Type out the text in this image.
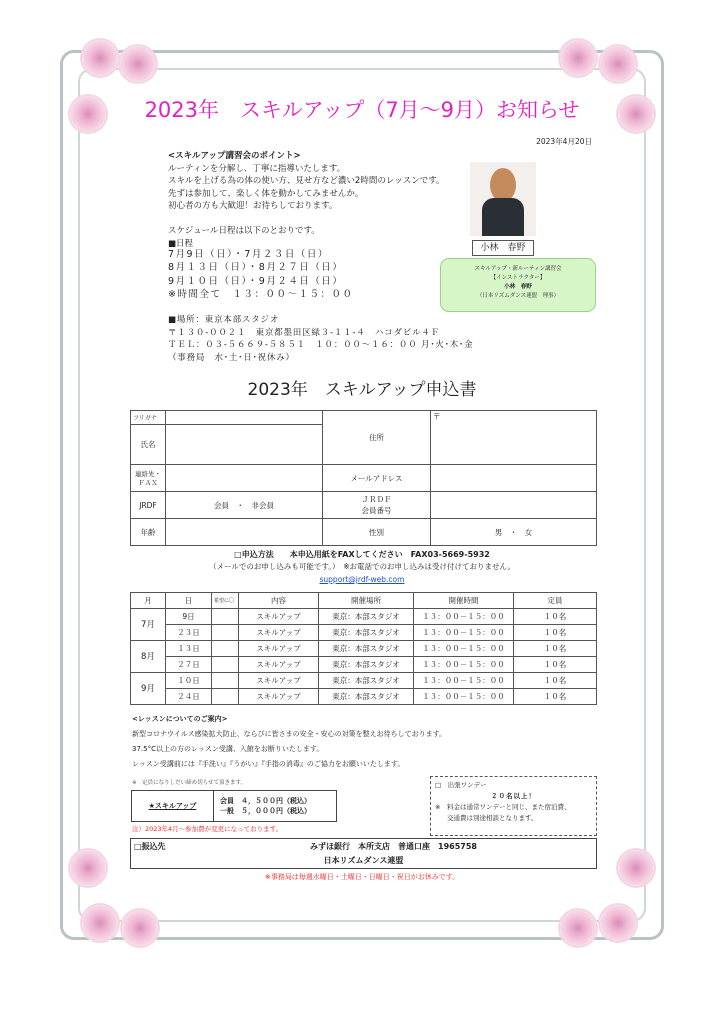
2023年　スキルアップ（7月～9月）お知らせ
2023年4月20日
<スキルアップ講習会のポイント>
ルーティンを分解し、丁寧に指導いたします。
スキルを上げる為の体の使い方、見せ方など濃い2時間のレッスンです。
先ずは参加して、楽しく体を動かしてみませんか。
初心者の方も大歓迎！お待ちしております。
スケジュール日程は以下のとおりです。
■日程
7月9日（日）・7月２３日（日）
8月１３日（日）・8月２７日（日）
9月１０日（日）・9月２４日（日）
※時間全て　１３：００～１５：００
■場所：東京本部スタジオ
〒１３０-００２１　東京都墨田区緑３-１１-４　ハコダビル４Ｆ
ＴＥＬ：０３-５６６９-５８５１　１０：００～１６：００ 月･火･木･金
（事務局　水･土･日･祝休み）
小林　春野
スキルアップ・新ルーティン講習会
【インストラクター】
小林　春野
（日本リズムダンス連盟　理事）
2023年　スキルアップ申込書
フリガナ		住所	〒
氏名			
連絡先・
ＦＡＸ		メールアドレス	
JRDF	会員　・　非会員	ＪＲＤＦ
会員番号	

年齢		性別	男　・　女
□申込方法　　本申込用紙をFAXしてください　FAX03-5669-5932
（メールでのお申し込みも可能です。）　※お電話でのお申し込みは受け付けておりません。
support@jrdf-web.com
月	日	希望に〇	内容	開催場所	開催時間	定員
7月	9日		スキルアップ	東京：本部スタジオ	１３：００－１５：００	１０名
	２３日		スキルアップ	東京：本部スタジオ	１３：００－１５：００	１０名
8月	１３日		スキルアップ	東京：本部スタジオ	１３：００－１５：００	１０名
	２７日		スキルアップ	東京：本部スタジオ	１３：００－１５：００	１０名
9月	１０日		スキルアップ	東京：本部スタジオ	１３：００－１５：００	１０名
	２４日		スキルアップ	東京：本部スタジオ	１３：００－１５：００	１０名
<レッスンについてのご案内>
新型コロナウイルス感染拡大防止、ならびに皆さまの安全・安心の対策を整えお待ちしております。
37.5°C以上の方のレッスン受講、入館をお断りいたします。
レッスン受講前には『手洗い』『うがい』『手指の消毒』のご協力をお願いいたします。
※　定員になりしだい締め切らせて頂きます。
★スキルアップ
会員　４，５００円（税込）
一般　５，０００円（税込）
注）2023年4月～参加費が変更になっております。
□　出張ワンデー
２０名以上！
※　料金は通常ワンデーと同じ、また宿泊費、
交通費は別途相談となります。
□振込先	みずほ銀行　本所支店　普通口座　1965758
日本リズムダンス連盟
※事務局は毎週水曜日・土曜日・日曜日・祝日がお休みです。
